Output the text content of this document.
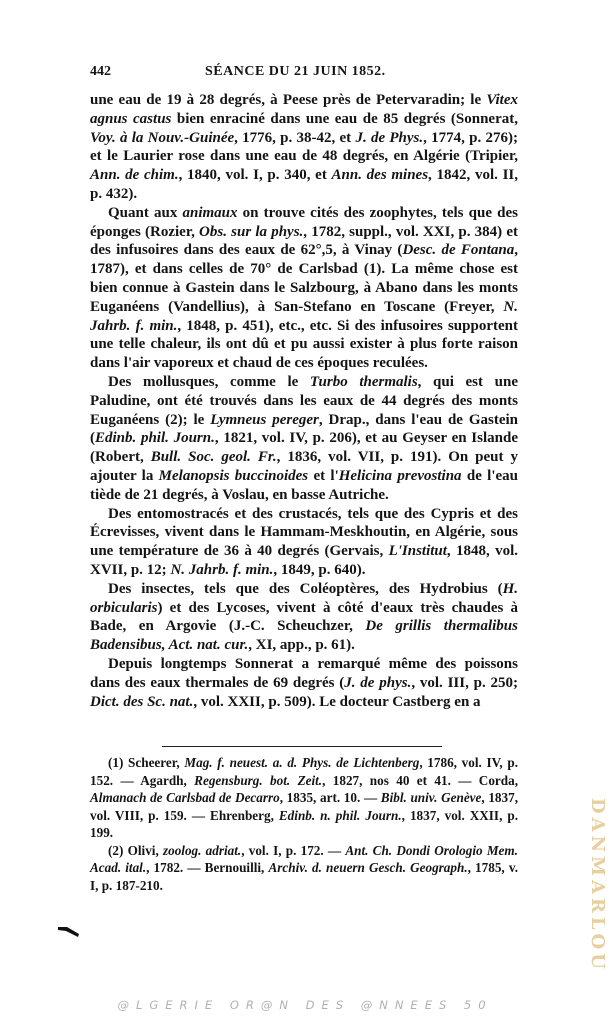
442	SÉANCE DU 21 JUIN 1852.

une eau de 19 à 28 degrés, à Peese près de Petervaradin; le Vitex agnus castus bien enraciné dans une eau de 85 degrés (Sonnerat, Voy. à la Nouv.-Guinée, 1776, p. 38-42, et J. de Phys., 1774, p. 276); et le Laurier rose dans une eau de 48 degrés, en Algérie (Tripier, Ann. de chim., 1840, vol. I, p. 340, et Ann. des mines, 1842, vol. II, p. 432).

Quant aux animaux on trouve cités des zoophytes, tels que des éponges (Rozier, Obs. sur la phys., 1782, suppl., vol. XXI, p. 384) et des infusoires dans des eaux de 62°,5, à Vinay (Desc. de Fontana, 1787), et dans celles de 70° de Carlsbad (1). La même chose est bien connue à Gastein dans le Salzbourg, à Abano dans les monts Euganéens (Vandellius), à San-Stefano en Toscane (Freyer, N. Jahrb. f. min., 1848, p. 451), etc., etc. Si des infusoires supportent une telle chaleur, ils ont dû et pu aussi exister à plus forte raison dans l'air vaporeux et chaud de ces époques reculées.

Des mollusques, comme le Turbo thermalis, qui est une Paludine, ont été trouvés dans les eaux de 44 degrés des monts Euganéens (2); le Lymneus pereger, Drap., dans l'eau de Gastein (Edinb. phil. Journ., 1821, vol. IV, p. 206), et au Geyser en Islande (Robert, Bull. Soc. geol. Fr., 1836, vol. VII, p. 191). On peut y ajouter la Melanopsis buccinoides et l'Helicina prevostina de l'eau tiède de 21 degrés, à Voslau, en basse Autriche.

Des entomostracés et des crustacés, tels que des Cypris et des Écrevisses, vivent dans le Hammam-Meskhoutin, en Algérie, sous une température de 36 à 40 degrés (Gervais, L'Institut, 1848, vol. XVII, p. 12; N. Jahrb. f. min., 1849, p. 640).

Des insectes, tels que des Coléoptères, des Hydrobius (H. orbicularis) et des Lycoses, vivent à côté d'eaux très chaudes à Bade, en Argovie (J.-C. Scheuchzer, De grillis thermalibus Badensibus, Act. nat. cur., XI, app., p. 61).

Depuis longtemps Sonnerat a remarqué même des poissons dans des eaux thermales de 69 degrés (J. de phys., vol. III, p. 250; Dict. des Sc. nat., vol. XXII, p. 509). Le docteur Castberg en a

(1) Scheerer, Mag. f. neuest. a. d. Phys. de Lichtenberg, 1786, vol. IV, p. 152. — Agardh, Regensburg. bot. Zeit., 1827, nos 40 et 41. — Corda, Almanach de Carlsbad de Decarro, 1835, art. 10. — Bibl. univ. Genève, 1837, vol. VIII, p. 159. — Ehrenberg, Edinb. n. phil. Journ., 1837, vol. XXII, p. 199.

(2) Olivi, zoolog. adriat., vol. I, p. 172. — Ant. Ch. Dondi Orologio Mem. Acad. ital., 1782. — Bernouilli, Archiv. d. neuern Gesch. Geograph., 1785, v. I, p. 187-210.	DANMARLOU
@LGERIE OR@N DES @NNEES 50
